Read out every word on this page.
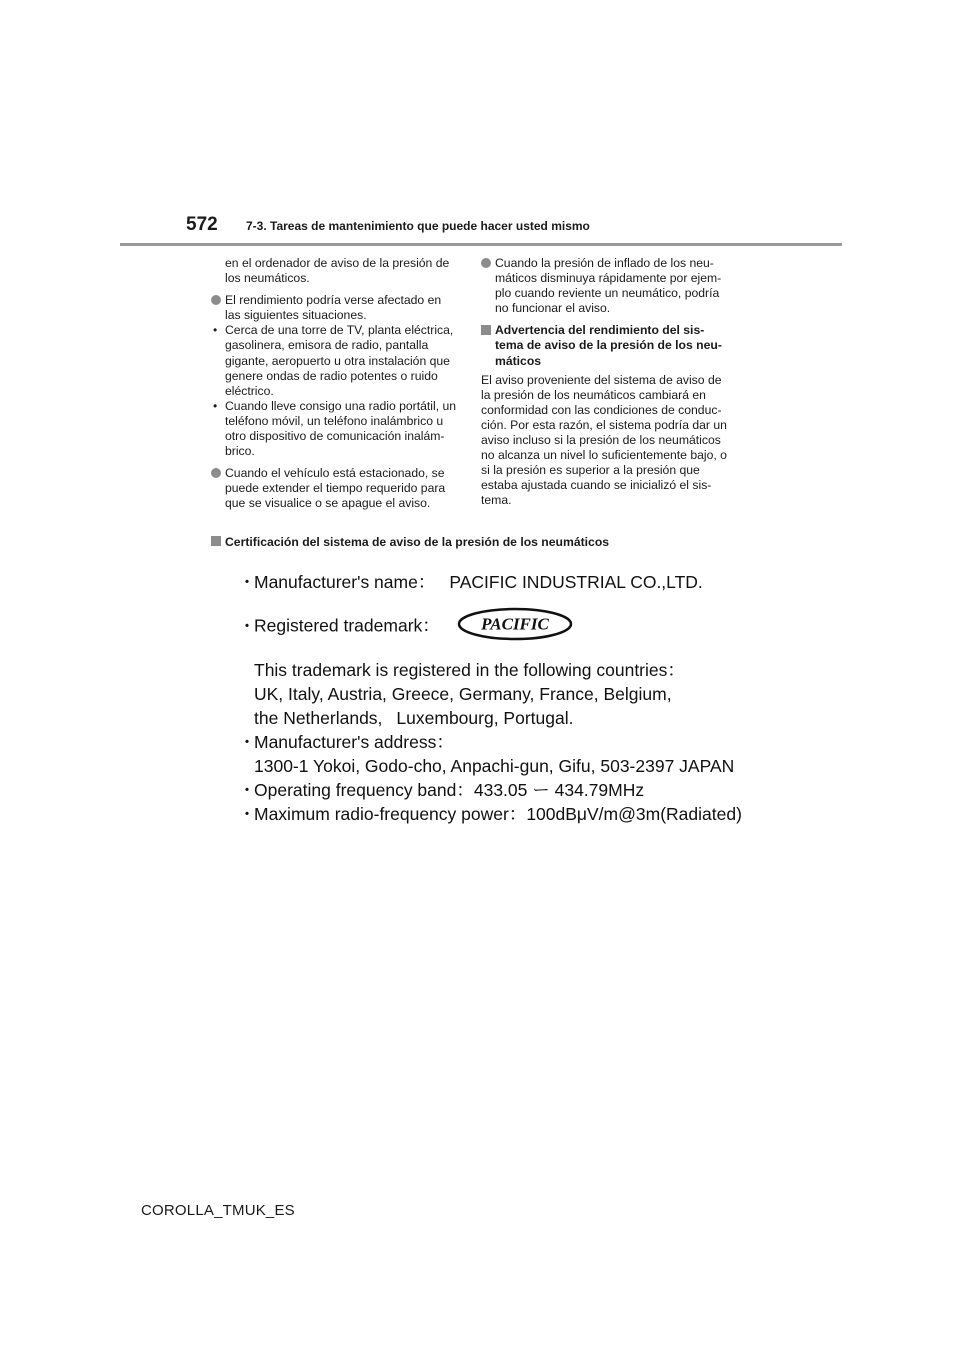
572 7-3. Tareas de mantenimiento que puede hacer usted mismo
en el ordenador de aviso de la presión de
los neumáticos.
El rendimiento podría verse afectado en
las siguientes situaciones.
• Cerca de una torre de TV, planta eléctrica,
gasolinera, emisora de radio, pantalla
gigante, aeropuerto u otra instalación que
genere ondas de radio potentes o ruido
eléctrico.
• Cuando lleve consigo una radio portátil, un
teléfono móvil, un teléfono inalámbrico u
otro dispositivo de comunicación inalám-
brico.
Cuando el vehículo está estacionado, se
puede extender el tiempo requerido para
que se visualice o se apague el aviso.
Cuando la presión de inflado de los neu-
máticos disminuya rápidamente por ejem-
plo cuando reviente un neumático, podría
no funcionar el aviso.
Advertencia del rendimiento del sis-
tema de aviso de la presión de los neu-
máticos
El aviso proveniente del sistema de aviso de
la presión de los neumáticos cambiará en
conformidad con las condiciones de conduc-
ción. Por esta razón, el sistema podría dar un
aviso incluso si la presión de los neumáticos
no alcanza un nivel lo suficientemente bajo, o
si la presión es superior a la presión que
estaba ajustada cuando se inicializó el sis-
tema.
Certificación del sistema de aviso de la presión de los neumáticos
･ Manufacturer's name： PACIFIC INDUSTRIAL CO.,LTD.
･ Registered trademark： PACIFIC
This trademark is registered in the following countries：
UK, Italy, Austria, Greece, Germany, France, Belgium,
the Netherlands, Luxembourg, Portugal.
･ Manufacturer's address：
1300-1 Yokoi, Godo-cho, Anpachi-gun, Gifu, 503-2397 JAPAN
･ Operating frequency band：433.05 ー 434.79MHz
･ Maximum radio-frequency power：100dBμV/m@3m(Radiated)
COROLLA_TMUK_ES
